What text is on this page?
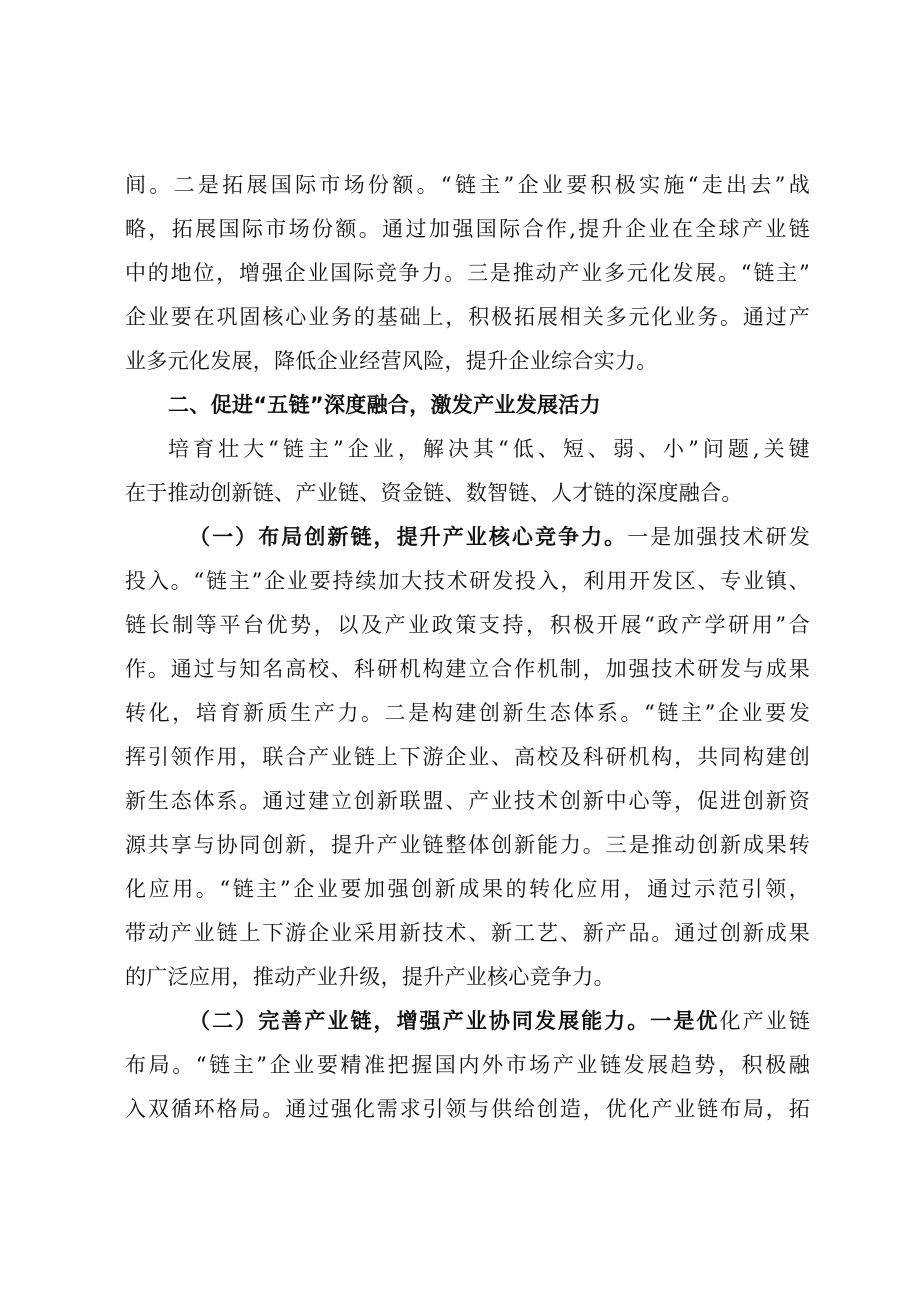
间。二是拓展国际市场份额。“链主”企业要积极实施“走出去”战
略，拓展国际市场份额。通过加强国际合作,提升企业在全球产业链
中的地位，增强企业国际竞争力。三是推动产业多元化发展。“链主”
企业要在巩固核心业务的基础上，积极拓展相关多元化业务。通过产
业多元化发展，降低企业经营风险，提升企业综合实力。
二、促进“五链”深度融合，激发产业发展活力
培育壮大“链主”企业，解决其“低、短、弱、小”问题,关键
在于推动创新链、产业链、资金链、数智链、人才链的深度融合。
（一）布局创新链，提升产业核心竞争力。一是加强技术研发
投入。“链主”企业要持续加大技术研发投入，利用开发区、专业镇、
链长制等平台优势，以及产业政策支持，积极开展“政产学研用”合
作。通过与知名高校、科研机构建立合作机制，加强技术研发与成果
转化，培育新质生产力。二是构建创新生态体系。“链主”企业要发
挥引领作用，联合产业链上下游企业、高校及科研机构，共同构建创
新生态体系。通过建立创新联盟、产业技术创新中心等，促进创新资
源共享与协同创新，提升产业链整体创新能力。三是推动创新成果转
化应用。“链主”企业要加强创新成果的转化应用，通过示范引领，
带动产业链上下游企业采用新技术、新工艺、新产品。通过创新成果
的广泛应用，推动产业升级，提升产业核心竞争力。
（二）完善产业链，增强产业协同发展能力。一是优化产业链
布局。“链主”企业要精准把握国内外市场产业链发展趋势，积极融
入双循环格局。通过强化需求引领与供给创造，优化产业链布局，拓
